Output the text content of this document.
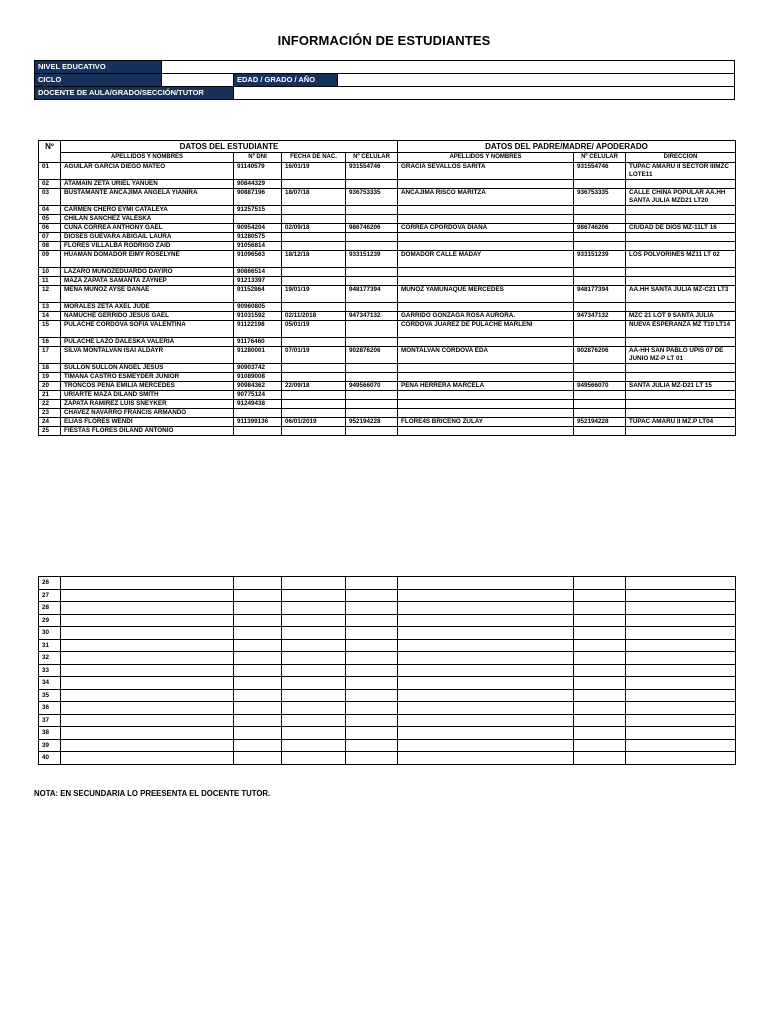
INFORMACIÓN DE ESTUDIANTES
NIVEL EDUCATIVO			
CICLO		EDAD / GRADO / AÑO	
DOCENTE DE AULA/GRADO/SECCIÓN/TUTOR			
Nº	DATOS DEL ESTUDIANTE				DATOS DEL PADRE/MADRE/ APODERADO		
	APELLIDOS Y NOMBRES	Nº DNI	FECHA DE NAC.	Nº CELULAR	APELLIDOS Y NOMBRES	Nº CELULAR	DIRECCIÓN
01	AGUILAR GARCÍA DIEGO MATEO	91140579	16/01/19	931554746	GRACIA SEVALLOS SARITA	931554746	TUPAC AMARU II SECTOR IIIMZC LOTE11
02	ATAMAIN ZETA URIEL YANUEN	90844329					
03	BUSTAMANTE ANCAJIMA ANGELA YIANIRA	90887196	18/07/18	936753335	ANCAJIMA RISCO MARITZA	936753335	CALLE CHINA POPULAR AA.HH SANTA JULIA MZD21 LT20
04	CARMEN CHERO EYMI CATALEYA	91257515					
05	CHILAN SANCHEZ VALESKA						
06	CUÑA CORREA ANTHONY GAEL	90954204	02/09/18	986746206	CORREA CPORDOVA DIANA	986746206	CIUDAD DE DIOS MZ-11LT 16
07	DIOSES GUEVARA ABIGAIL LAURA	91280575					
08	FLORES VILLALBA RODRIGO ZAID	91056814					
09	HUAMAN DOMADOR EIMY ROSELYNE	91096563	18/12/18	933151239	DOMADOR CALLE MADAY	933151239	LOS POLVORINES MZ11 LT 02
10	LAZARO MUÑOZEDUARDO DAYIRO	90866514					
11	MAZA ZAPATA SAMANTA ZAYNEP	91213397					
12	MENA MUÑOZ AYSE DANAE	91152864	19/01/19	948177394	MUÑOZ YAMUNAQUE MERCEDES	948177394	AA.HH SANTA JULIA MZ-C21 LT3
13	MORALES ZETA AXEL JUDE	90960805					
14	NAMUCHE GERRIDO JESUS GAEL	91031592	02/11/2018	947347132	GARRIDO GONZAGA ROSA AURORA.	947347132	MZC 21 LOT 9 SANTA JULIA
15	PULACHE CORDOVA SOFIA VALENTINA	91122198	05/01/19		CORDOVA JUAREZ DE PULACHE MARLENI		NUEVA ESPERANZA MZ T10 LT14
16	PULACHE LAZO DALESKA VALERIA	91176460					
17	SILVA MONTALVAN ISAI ALDAYR	91280001	07/01/19	902876206	MONTALVAN CORDOVA EDA	902876206	AA-HH SAN PABLO UPIS 07 DE JUNIO MZ-P LT 01
18	SULLON SULLON ANGEL JESUS	90903742					
19	TIMANA CASTRO ESMEYDER JUNIOR	91089008					
20	TRONCOS PEÑA EMILIA MERCEDES	90984362	22/09/18	949566070	PEÑA HERRERA MARCELA	949566070	SANTA JULIA MZ-D21 LT 15
21	URIARTE MAZA DILAND SMITH	90775124					
22	ZAPATA RAMIREZ LUIS SNEYKER	91249438					
23	CHAVEZ NAVARRO FRANCIS ARMANDO						
24	ELIAS FLORES WENDI	911399136	06/01/2019	952194228	FLORE4S BRICEÑO ZULAY	952194228	TUPAC AMARU II MZ.P LT04
25	FIESTAS FLORES DILAND ANTONIO						
26							
27							
28							
29							
30							
31							
32							
33							
34							
35							
36							
37							
38							
39							
40							
NOTA: EN SECUNDARIA LO PREESENTA EL DOCENTE TUTOR.
